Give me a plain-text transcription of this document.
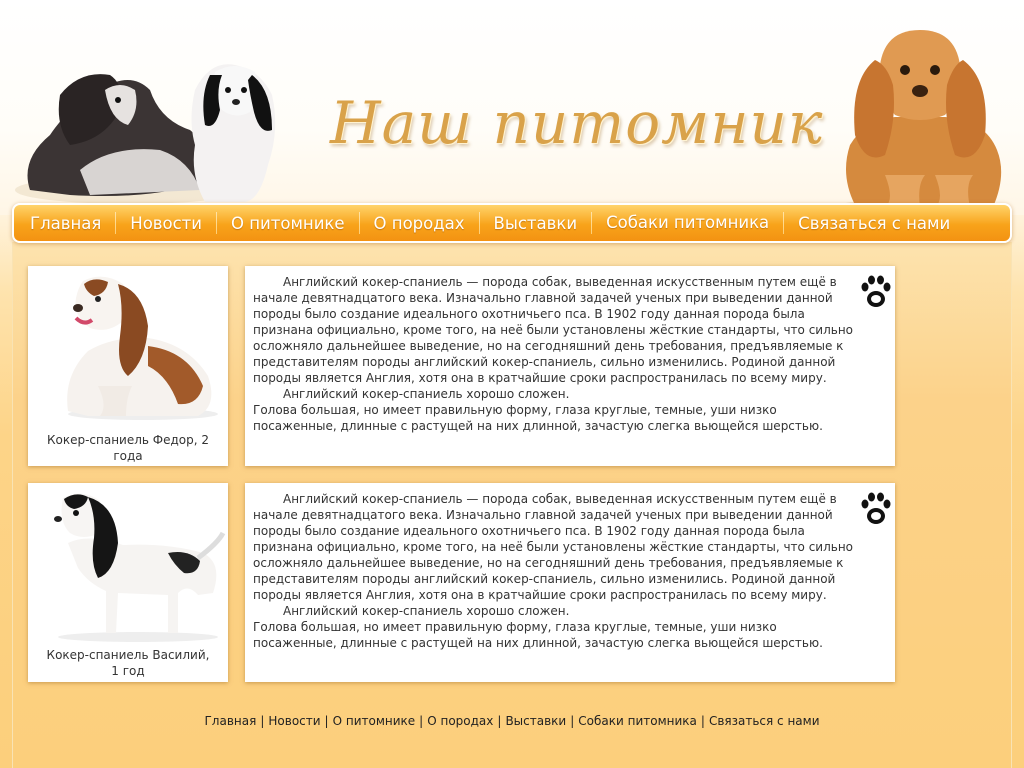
Наш питомник
Главная	Новости	О питомнике	О породах	Выставки	Собаки питомника	Связаться с нами
Кокер-спаниель Федор, 2 года

Английский кокер-спаниель — порода собак, выведенная искусственным путем ещё в начале девятнадцатого века. Изначально главной задачей ученых при выведении данной породы было создание идеального охотничьего пса. В 1902 году данная порода была признана официально, кроме того, на неё были установлены жёсткие стандарты, что сильно осложняло дальнейшее выведение, но на сегодняшний день требования, предъявляемые к представителям породы английский кокер-спаниель, сильно изменились. Родиной данной породы является Англия, хотя она в кратчайшие сроки распространилась по всему миру.

Английский кокер-спаниель хорошо сложен.

Голова большая, но имеет правильную форму, глаза круглые, темные, уши низко посаженные, длинные с растущей на них длинной, зачастую слегка вьющейся шерстью.
Кокер-спаниель Василий, 1 год

Английский кокер-спаниель — порода собак, выведенная искусственным путем ещё в начале девятнадцатого века. Изначально главной задачей ученых при выведении данной породы было создание идеального охотничьего пса. В 1902 году данная порода была признана официально, кроме того, на неё были установлены жёсткие стандарты, что сильно осложняло дальнейшее выведение, но на сегодняшний день требования, предъявляемые к представителям породы английский кокер-спаниель, сильно изменились. Родиной данной породы является Англия, хотя она в кратчайшие сроки распространилась по всему миру.

Английский кокер-спаниель хорошо сложен.

Голова большая, но имеет правильную форму, глаза круглые, темные, уши низко посаженные, длинные с растущей на них длинной, зачастую слегка вьющейся шерстью.
Главная | Новости | О питомнике | О породах | Выставки | Собаки питомника | Связаться с нами
